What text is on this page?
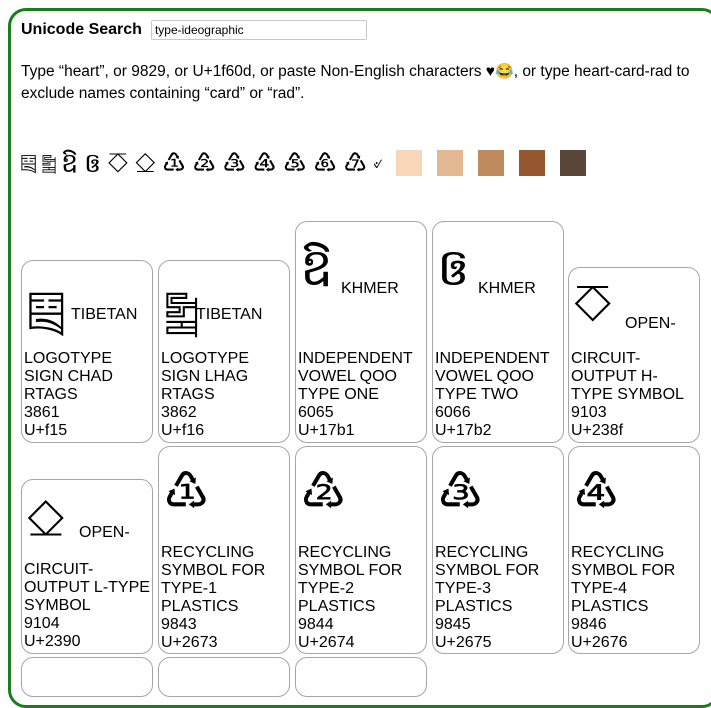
Unicode Search
type-ideographic
Type “heart”, or 9829, or U+1f60d, or paste Non-English characters ♥😂, or type heart-card-rad to exclude names containing “card” or “rad”.
༕ ༖ ឱ ឲ ⎏ ⎐ ♳ ♴ ♵ ♶ ♷ ♸ ♹ ୰
༕ TIBETAN
LOGOTYPE SIGN CHAD RTAGS
3861
U+f15
༖
TIBETAN
LOGOTYPE SIGN LHAG RTAGS
3862
U+f16
ឱ KHMER
INDEPENDENT VOWEL QOO TYPE ONE
6065
U+17b1
ឲ KHMER
INDEPENDENT VOWEL QOO TYPE TWO
6066
U+17b2
⎏ OPEN-
CIRCUIT-OUTPUT H-TYPE SYMBOL
9103
U+238f
⎐ OPEN-
CIRCUIT-OUTPUT L-TYPE SYMBOL
9104
U+2390
♳
RECYCLING SYMBOL FOR TYPE-1 PLASTICS
9843
U+2673
♴
RECYCLING SYMBOL FOR TYPE-2 PLASTICS
9844
U+2674
♵
RECYCLING SYMBOL FOR TYPE-3 PLASTICS
9845
U+2675
♶
RECYCLING SYMBOL FOR TYPE-4 PLASTICS
9846
U+2676
